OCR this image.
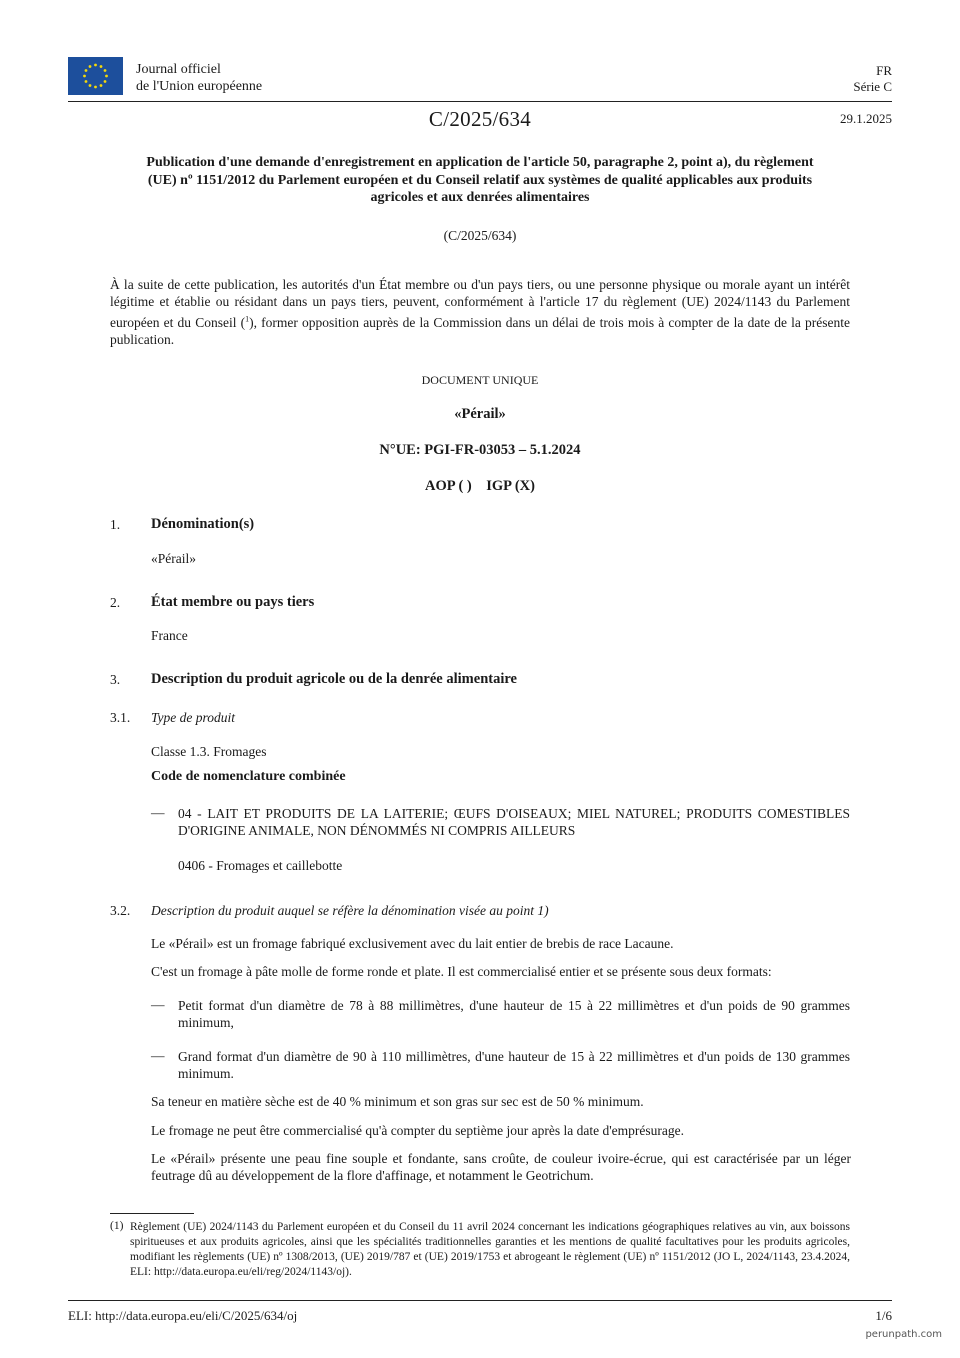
Journal officiel
de l'Union européenne
FR
Série C
C/2025/634	29.1.2025
Publication d'une demande d'enregistrement en application de l'article 50, paragraphe 2, point a), du règlement (UE) nº 1151/2012 du Parlement européen et du Conseil relatif aux systèmes de qualité applicables aux produits agricoles et aux denrées alimentaires
(C/2025/634)
À la suite de cette publication, les autorités d'un État membre ou d'un pays tiers, ou une personne physique ou morale ayant un intérêt légitime et établie ou résidant dans un pays tiers, peuvent, conformément à l'article 17 du règlement (UE) 2024/1143 du Parlement européen et du Conseil ($^1$), former opposition auprès de la Commission dans un délai de trois mois à compter de la date de la présente publication.
DOCUMENT UNIQUE
«Pérail»
N°UE: PGI-FR-03053 – 5.1.2024
AOP ( )    IGP (X)
1. Dénomination(s)
«Pérail»
2. État membre ou pays tiers
France
3. Description du produit agricole ou de la denrée alimentaire
3.1. Type de produit
Classe 1.3. Fromages
Code de nomenclature combinée
— 04 - LAIT ET PRODUITS DE LA LAITERIE; ŒUFS D'OISEAUX; MIEL NATUREL; PRODUITS COMESTIBLES D'ORIGINE ANIMALE, NON DÉNOMMÉS NI COMPRIS AILLEURS
0406 - Fromages et caillebotte
3.2. Description du produit auquel se réfère la dénomination visée au point 1)
Le «Pérail» est un fromage fabriqué exclusivement avec du lait entier de brebis de race Lacaune.
C'est un fromage à pâte molle de forme ronde et plate. Il est commercialisé entier et se présente sous deux formats:
— Petit format d'un diamètre de 78 à 88 millimètres, d'une hauteur de 15 à 22 millimètres et d'un poids de 90 grammes minimum,
— Grand format d'un diamètre de 90 à 110 millimètres, d'une hauteur de 15 à 22 millimètres et d'un poids de 130 grammes minimum.
Sa teneur en matière sèche est de 40 % minimum et son gras sur sec est de 50 % minimum.
Le fromage ne peut être commercialisé qu'à compter du septième jour après la date d'emprésurage.
Le «Pérail» présente une peau fine souple et fondante, sans croûte, de couleur ivoire-écrue, qui est caractérisée par un léger feutrage dû au développement de la flore d'affinage, et notamment le Geotrichum.
(1) Règlement (UE) 2024/1143 du Parlement européen et du Conseil du 11 avril 2024 concernant les indications géographiques relatives au vin, aux boissons spiritueuses et aux produits agricoles, ainsi que les spécialités traditionnelles garanties et les mentions de qualité facultatives pour les produits agricoles, modifiant les règlements (UE) nº 1308/2013, (UE) 2019/787 et (UE) 2019/1753 et abrogeant le règlement (UE) nº 1151/2012 (JO L, 2024/1143, 23.4.2024, ELI: http://data.europa.eu/eli/reg/2024/1143/oj).
ELI: http://data.europa.eu/eli/C/2025/634/oj	1/6
perunpath.com
